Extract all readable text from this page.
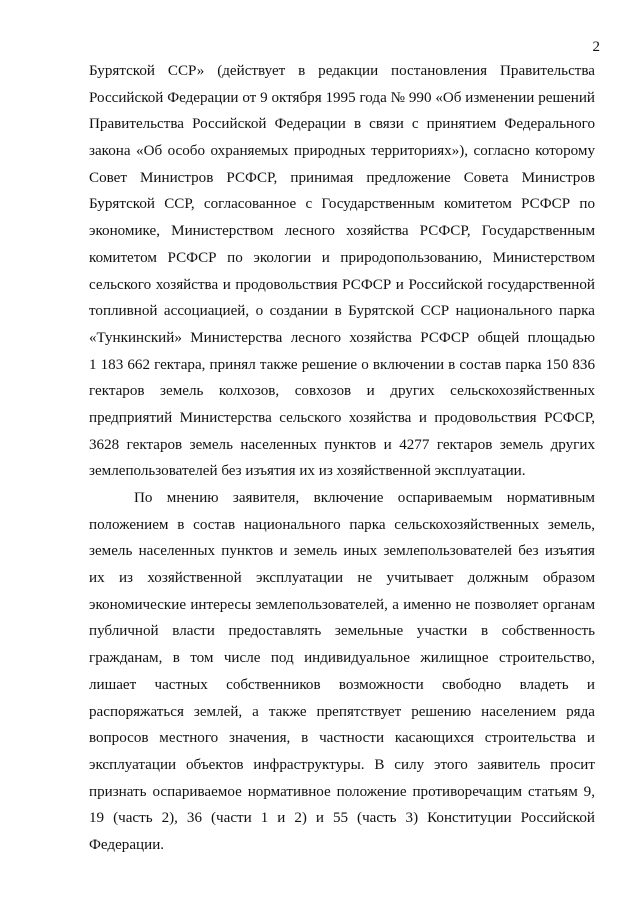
2
Бурятской ССР» (действует в редакции постановления Правительства
Российской Федерации от 9 октября 1995 года № 990 «Об изменении решений
Правительства Российской Федерации в связи с принятием Федерального
закона «Об особо охраняемых природных территориях»), согласно которому
Совет Министров РСФСР, принимая предложение Совета Министров
Бурятской ССР, согласованное с Государственным комитетом РСФСР по
экономике, Министерством лесного хозяйства РСФСР, Государственным
комитетом РСФСР по экологии и природопользованию, Министерством
сельского хозяйства и продовольствия РСФСР и Российской государственной
топливной ассоциацией, о создании в Бурятской ССР национального парка
«Тункинский» Министерства лесного хозяйства РСФСР общей площадью
1 183 662 гектара, принял также решение о включении в состав парка 150 836
гектаров земель колхозов, совхозов и других сельскохозяйственных
предприятий Министерства сельского хозяйства и продовольствия РСФСР,
3628 гектаров земель населенных пунктов и 4277 гектаров земель других
землепользователей без изъятия их из хозяйственной эксплуатации.
По мнению заявителя, включение оспариваемым нормативным
положением в состав национального парка сельскохозяйственных земель,
земель населенных пунктов и земель иных землепользователей без изъятия
их из хозяйственной эксплуатации не учитывает должным образом
экономические интересы землепользователей, а именно не позволяет органам
публичной власти предоставлять земельные участки в собственность
гражданам, в том числе под индивидуальное жилищное строительство,
лишает частных собственников возможности свободно владеть и
распоряжаться землей, а также препятствует решению населением ряда
вопросов местного значения, в частности касающихся строительства и
эксплуатации объектов инфраструктуры. В силу этого заявитель просит
признать оспариваемое нормативное положение противоречащим статьям 9,
19 (часть 2), 36 (части 1 и 2) и 55 (часть 3) Конституции Российской
Федерации.
